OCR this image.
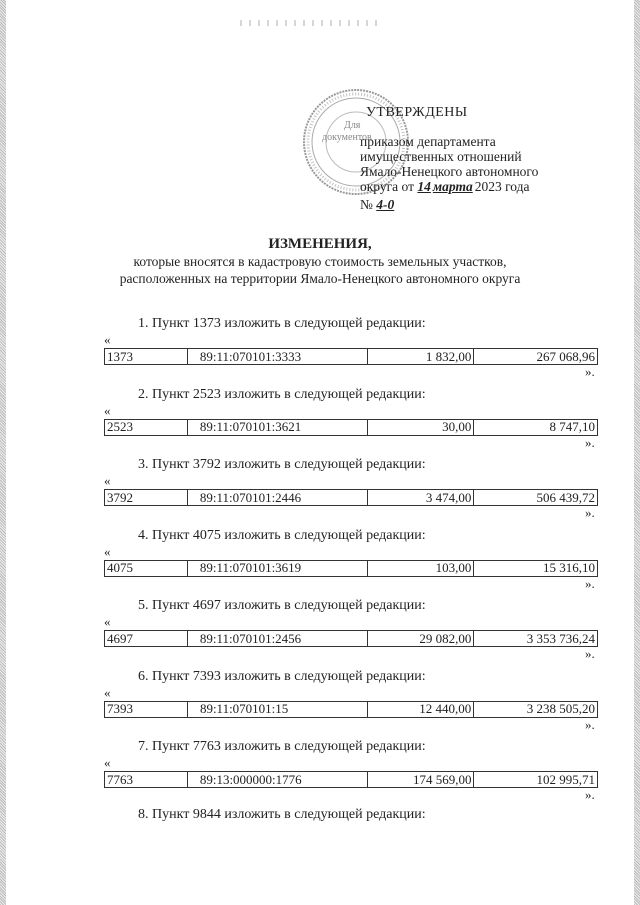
Для
документов
УТВЕРЖДЕНЫ
приказом департамента
имущественных отношений
Ямало-Ненецкого автономного
округа от 14 марта 2023 года
№ 4-0
ИЗМЕНЕНИЯ,
которые вносятся в кадастровую стоимость земельных участков,
расположенных на территории Ямало-Ненецкого автономного округа
1. Пункт 1373 изложить в следующей редакции:
«
1373	89:11:070101:3333	1 832,00	267 068,96
».
2. Пункт 2523 изложить в следующей редакции:
«
2523	89:11:070101:3621	30,00	8 747,10
».
3. Пункт 3792 изложить в следующей редакции:
«
3792	89:11:070101:2446	3 474,00	506 439,72
».
4. Пункт 4075 изложить в следующей редакции:
«
4075	89:11:070101:3619	103,00	15 316,10
».
5. Пункт 4697 изложить в следующей редакции:
«
4697	89:11:070101:2456	29 082,00	3 353 736,24
».
6. Пункт 7393 изложить в следующей редакции:
«
7393	89:11:070101:15	12 440,00	3 238 505,20
».
7. Пункт 7763 изложить в следующей редакции:
«
7763	89:13:000000:1776	174 569,00	102 995,71
».
8. Пункт 9844 изложить в следующей редакции:
